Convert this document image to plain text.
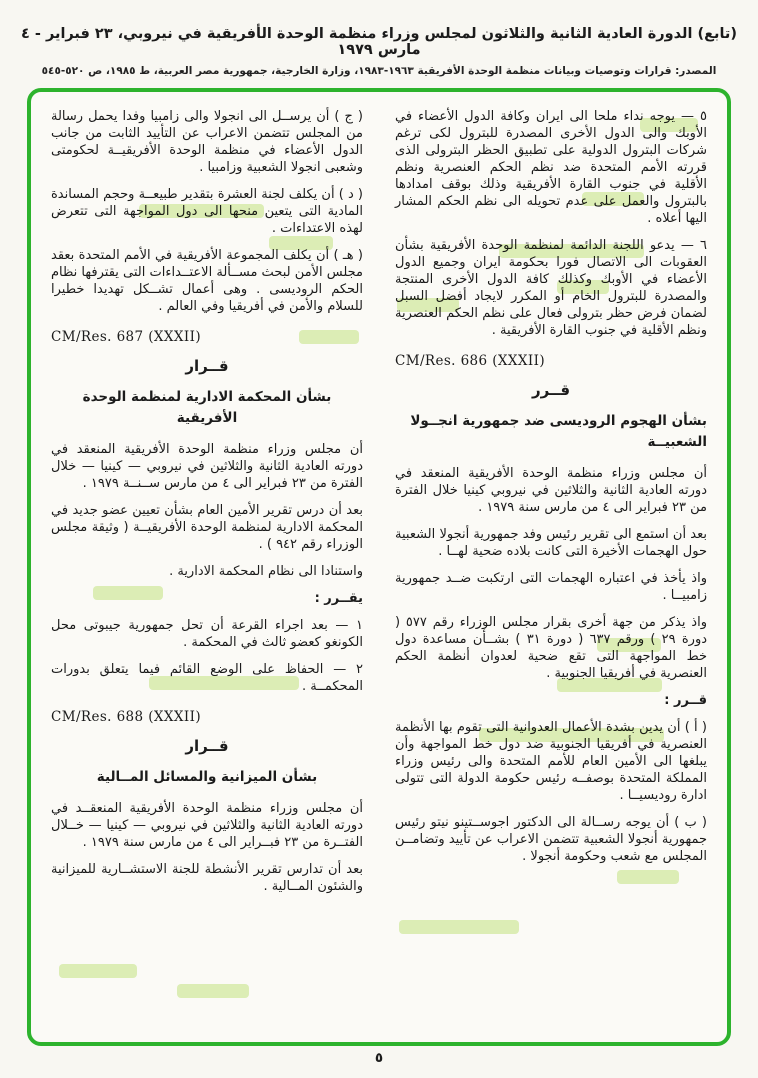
(تابع) الدورة العادية الثانية والثلاثون لمجلس وزراء منظمة الوحدة الأفريقية في نيروبي، ٢٣ فبراير - ٤ مارس ١٩٧٩
المصدر: قرارات وتوصيات وبيانات منظمة الوحدة الأفريقية ١٩٦٣-١٩٨٣، وزارة الخارجية، جمهورية مصر العربية، ط ١٩٨٥، ص ٥٢٠-٥٤٥

٥ — يوجه نداء ملحا الى ايران وكافة الدول الأعضاء في الأوبك والى الدول الأخرى المصدرة للبترول لكى ترغم شركات البترول الدولية على تطبيق الحظر البترولى الذى قررته الأمم المتحدة ضد نظم الحكم العنصرية ونظم الأقلية في جنوب القارة الأفريقية وذلك بوقف امدادها بالبترول والعمل على عدم تحويله الى نظم الحكم المشار اليها أعلاه .

٦ — يدعو اللجنة الدائمة لمنظمة الوحدة الأفريقية بشأن العقوبات الى الاتصال فورا بحكومة ايران وجميع الدول الأعضاء في الأوبك وكذلك كافة الدول الأخرى المنتجة والمصدرة للبترول الخام أو المكرر لايجاد أفضل السبل لضمان فرض حظر بترولى فعال على نظم الحكم العنصرية ونظم الأقلية في جنوب القارة الأفريقية .

CM/Res. 686 (XXXII)
قــرر
بشأن الهجوم الروديسى ضد جمهورية انجــولا الشعبيــة

أن مجلس وزراء منظمة الوحدة الأفريقية المنعقد في دورته العادية الثانية والثلاثين في نيروبي كينيا خلال الفترة من ٢٣ فبراير الى ٤ من مارس سنة ١٩٧٩ .

بعد أن استمع الى تقرير رئيس وفد جمهورية أنجولا الشعبية حول الهجمات الأخيرة التى كانت بلاده ضحية لهــا .

واذ يأخذ في اعتباره الهجمات التى ارتكبت ضــد جمهورية زامبيــا .

واذ يذكر من جهة أخرى بقرار مجلس الوزراء رقم ٥٧٧ ( دورة ٢٩ ) ورقم ٦٣٧ ( دورة ٣١ ) بشــأن مساعدة دول خط المواجهة التى تقع ضحية لعدوان أنظمة الحكم العنصرية في أفريقيا الجنوبية .

قــرر :

( أ ) أن يدين بشدة الأعمال العدوانية التى تقوم بها الأنظمة العنصرية في أفريقيا الجنوبية ضد دول خط المواجهة وأن يبلغها الى الأمين العام للأمم المتحدة والى رئيس وزراء المملكة المتحدة بوصفــه رئيس حكومة الدولة التى تتولى ادارة روديسيــا .

( ب ) أن يوجه رســالة الى الدكتور اجوســتينو نيتو رئيس جمهورية أنجولا الشعبية تتضمن الاعراب عن تأييد وتضامــن المجلس مع شعب وحكومة أنجولا .

( ج ) أن يرســل الى انجولا والى زامبيا وفدا يحمل رسالة من المجلس تتضمن الاعراب عن التأييد الثابت من جانب الدول الأعضاء في منظمة الوحدة الأفريقيــة لحكومتى وشعبى انجولا الشعبية وزامبيا .

( د ) أن يكلف لجنة العشرة بتقدير طبيعــة وحجم المساندة المادية التى يتعين منحها الى دول المواجهة التى تتعرض لهذه الاعتداءات .

( هـ ) أن يكلف المجموعة الأفريقية في الأمم المتحدة بعقد مجلس الأمن لبحث مســألة الاعتــداءات التى يقترفها نظام الحكم الروديسى . وهى أعمال تشــكل تهديدا خطيرا للسلام والأمن في أفريقيا وفي العالم .

CM/Res. 687 (XXXII)
قــرار
بشأن المحكمة الادارية لمنظمة الوحدة الأفريقية

أن مجلس وزراء منظمة الوحدة الأفريقية المنعقد في دورته العادية الثانية والثلاثين في نيروبي — كينيا — خلال الفترة من ٢٣ فبراير الى ٤ من مارس ســنــة ١٩٧٩ .

بعد أن درس تقرير الأمين العام بشأن تعيين عضو جديد في المحكمة الادارية لمنظمة الوحدة الأفريقيــة ( وثيقة مجلس الوزراء رقم ٩٤٢ ) .

واستنادا الى نظام المحكمة الادارية .

يقــرر :

١ — بعد اجراء القرعة أن تحل جمهورية جيبوتى محل الكونغو كعضو ثالث في المحكمة .

٢ — الحفاظ على الوضع القائم فيما يتعلق بدورات المحكمــة .

CM/Res. 688 (XXXII)
قــرار
بشأن الميزانية والمسائل المــالية

أن مجلس وزراء منظمة الوحدة الأفريقية المنعقــد في دورته العادية الثانية والثلاثين في نيروبي — كينيا — خــلال الفتــرة من ٢٣ فبــراير الى ٤ من مارس سنة ١٩٧٩ .

بعد أن تدارس تقرير الأنشطة للجنة الاستشــارية للميزانية والشئون المــالية .

٥
